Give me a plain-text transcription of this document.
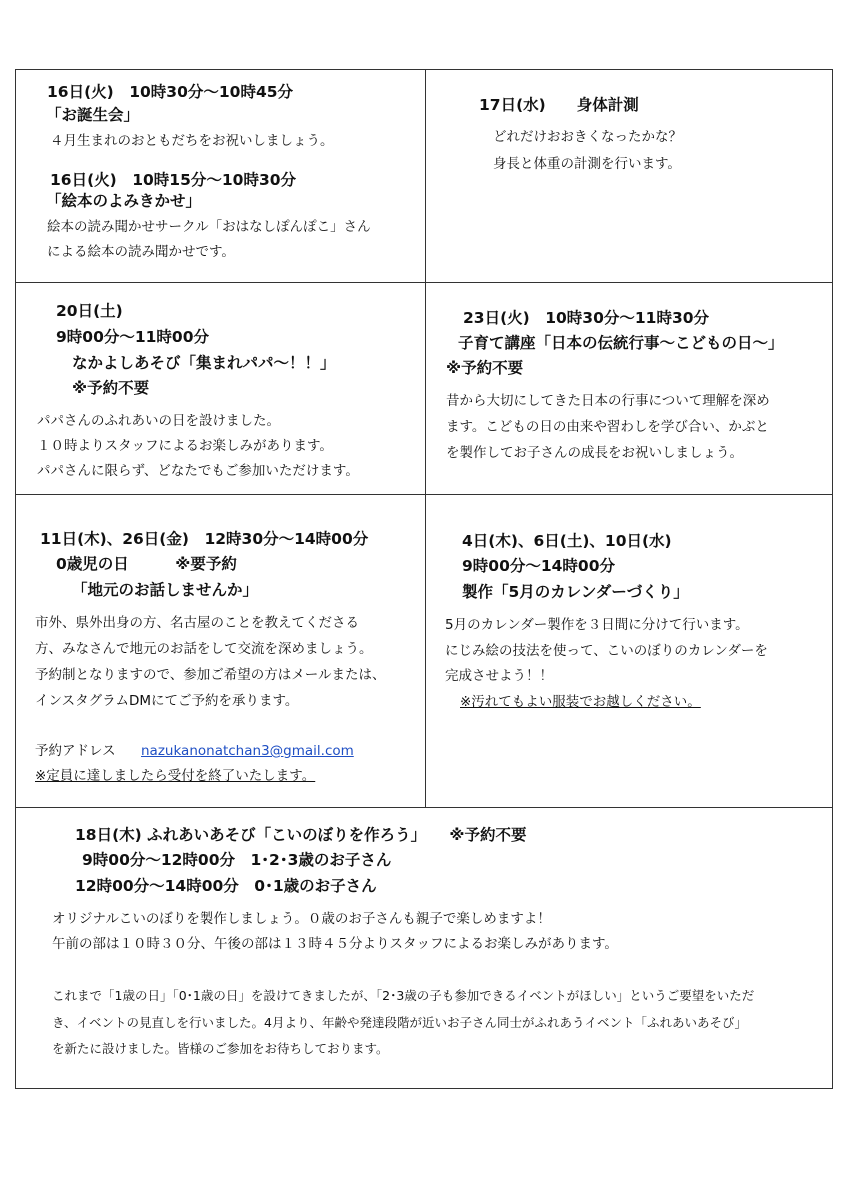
16日(火)　10時30分～10時45分
「お誕生会」
４月生まれのおともだちをお祝いしましょう。
16日(火)　10時15分～10時30分
「絵本のよみきかせ」
絵本の読み聞かせサークル「おはなしぽんぽこ」さん
による絵本の読み聞かせです。
17日(水)　　身体計測
どれだけおおきくなったかな？
身長と体重の計測を行います。
20日(土)
9時00分～11時00分
なかよしあそび「集まれパパ～！！」
※予約不要
パパさんのふれあいの日を設けました。
１０時よりスタッフによるお楽しみがあります。
パパさんに限らず、どなたでもご参加いただけます。
23日(火)　10時30分～11時30分
子育て講座「日本の伝統行事～こどもの日～」
※予約不要
昔から大切にしてきた日本の行事について理解を深め
ます。こどもの日の由来や習わしを学び合い、かぶと
を製作してお子さんの成長をお祝いしましょう。
11日(木)、26日(金)　12時30分～14時00分
0歳児の日　　　※要予約
「地元のお話しませんか」
市外、県外出身の方、名古屋のことを教えてくださる
方、みなさんで地元のお話をして交流を深めましょう。
予約制となりますので、参加ご希望の方はメールまたは、
インスタグラムDMにてご予約を承ります。
予約アドレス nazukanonatchan3@gmail.com
※定員に達しましたら受付を終了いたします。
4日(木)、6日(土)、10日(水)
9時00分～14時00分
製作「5月のカレンダーづくり」
5月のカレンダー製作を３日間に分けて行います。
にじみ絵の技法を使って、こいのぼりのカレンダーを
完成させよう！！
※汚れてもよい服装でお越しください。
18日(木) ふれあいあそび「こいのぼりを作ろう」　　※予約不要
9時00分～12時00分　1･2･3歳のお子さん
12時00分～14時00分　0･1歳のお子さん
オリジナルこいのぼりを製作しましょう。０歳のお子さんも親子で楽しめますよ！
午前の部は１０時３０分、午後の部は１３時４５分よりスタッフによるお楽しみがあります。
これまで「1歳の日」「0･1歳の日」を設けてきましたが、「2･3歳の子も参加できるイベントがほしい」というご要望をいただ
き、イベントの見直しを行いました。4月より、年齢や発達段階が近いお子さん同士がふれあうイベント「ふれあいあそび」
を新たに設けました。皆様のご参加をお待ちしております。
